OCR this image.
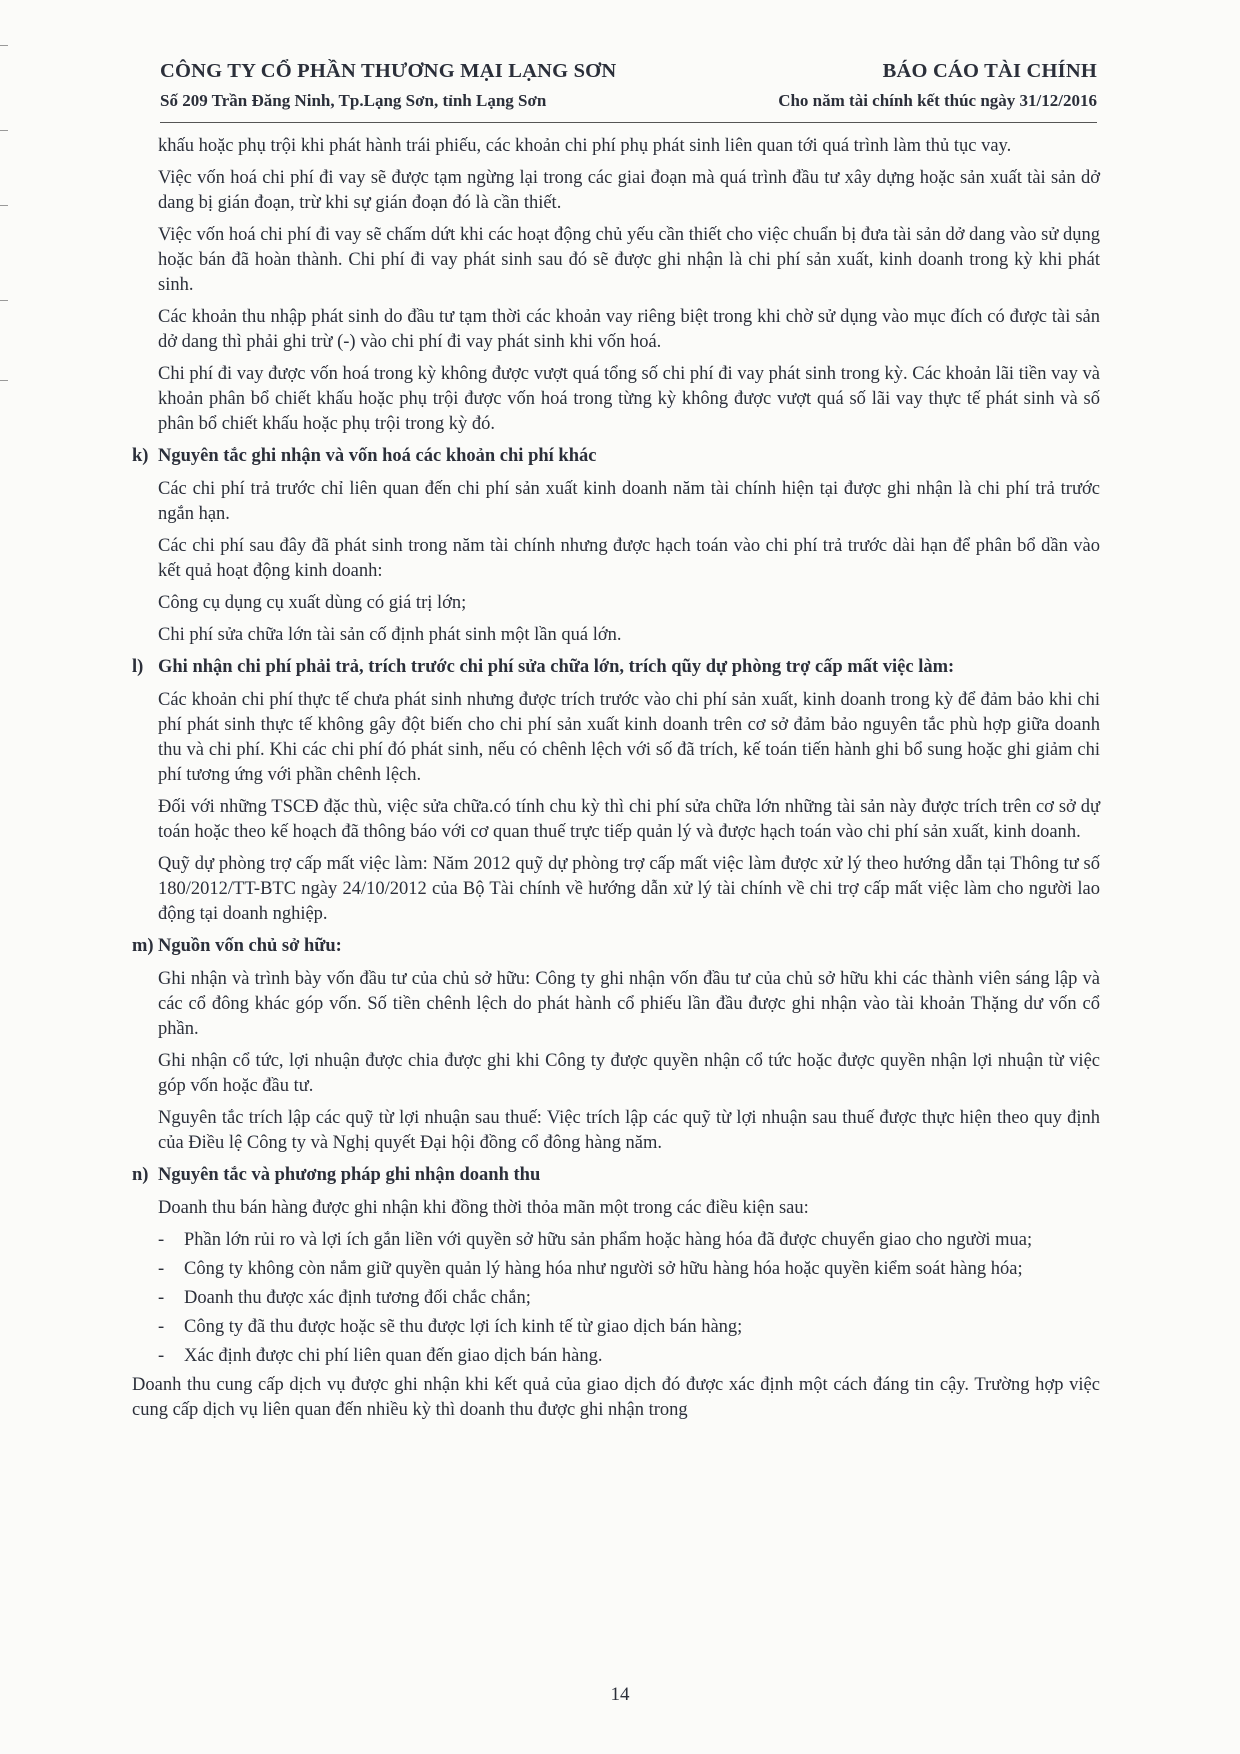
CÔNG TY CỔ PHẦN THƯƠNG MẠI LẠNG SƠN	BÁO CÁO TÀI CHÍNH
Số 209 Trần Đăng Ninh, Tp.Lạng Sơn, tỉnh Lạng Sơn	Cho năm tài chính kết thúc ngày 31/12/2016

khấu hoặc phụ trội khi phát hành trái phiếu, các khoản chi phí phụ phát sinh liên quan tới quá trình làm thủ tục vay.

Việc vốn hoá chi phí đi vay sẽ được tạm ngừng lại trong các giai đoạn mà quá trình đầu tư xây dựng hoặc sản xuất tài sản dở dang bị gián đoạn, trừ khi sự gián đoạn đó là cần thiết.

Việc vốn hoá chi phí đi vay sẽ chấm dứt khi các hoạt động chủ yếu cần thiết cho việc chuẩn bị đưa tài sản dở dang vào sử dụng hoặc bán đã hoàn thành. Chi phí đi vay phát sinh sau đó sẽ được ghi nhận là chi phí sản xuất, kinh doanh trong kỳ khi phát sinh.

Các khoản thu nhập phát sinh do đầu tư tạm thời các khoản vay riêng biệt trong khi chờ sử dụng vào mục đích có được tài sản dở dang thì phải ghi trừ (-) vào chi phí đi vay phát sinh khi vốn hoá.

Chi phí đi vay được vốn hoá trong kỳ không được vượt quá tổng số chi phí đi vay phát sinh trong kỳ. Các khoản lãi tiền vay và khoản phân bổ chiết khấu hoặc phụ trội được vốn hoá trong từng kỳ không được vượt quá số lãi vay thực tế phát sinh và số phân bổ chiết khấu hoặc phụ trội trong kỳ đó.

k) Nguyên tắc ghi nhận và vốn hoá các khoản chi phí khác

Các chi phí trả trước chỉ liên quan đến chi phí sản xuất kinh doanh năm tài chính hiện tại được ghi nhận là chi phí trả trước ngắn hạn.

Các chi phí sau đây đã phát sinh trong năm tài chính nhưng được hạch toán vào chi phí trả trước dài hạn để phân bổ dần vào kết quả hoạt động kinh doanh:

Công cụ dụng cụ xuất dùng có giá trị lớn;

Chi phí sửa chữa lớn tài sản cố định phát sinh một lần quá lớn.

l) Ghi nhận chi phí phải trả, trích trước chi phí sửa chữa lớn, trích qũy dự phòng trợ cấp mất việc làm:

Các khoản chi phí thực tế chưa phát sinh nhưng được trích trước vào chi phí sản xuất, kinh doanh trong kỳ để đảm bảo khi chi phí phát sinh thực tế không gây đột biến cho chi phí sản xuất kinh doanh trên cơ sở đảm bảo nguyên tắc phù hợp giữa doanh thu và chi phí. Khi các chi phí đó phát sinh, nếu có chênh lệch với số đã trích, kế toán tiến hành ghi bổ sung hoặc ghi giảm chi phí tương ứng với phần chênh lệch.

Đối với những TSCĐ đặc thù, việc sửa chữa.có tính chu kỳ thì chi phí sửa chữa lớn những tài sản này được trích trên cơ sở dự toán hoặc theo kế hoạch đã thông báo với cơ quan thuế trực tiếp quản lý và được hạch toán vào chi phí sản xuất, kinh doanh.

Quỹ dự phòng trợ cấp mất việc làm: Năm 2012 quỹ dự phòng trợ cấp mất việc làm được xử lý theo hướng dẫn tại Thông tư số 180/2012/TT-BTC ngày 24/10/2012 của Bộ Tài chính về hướng dẫn xử lý tài chính về chi trợ cấp mất việc làm cho người lao động tại doanh nghiệp.

m) Nguồn vốn chủ sở hữu:

Ghi nhận và trình bày vốn đầu tư của chủ sở hữu: Công ty ghi nhận vốn đầu tư của chủ sở hữu khi các thành viên sáng lập và các cổ đông khác góp vốn. Số tiền chênh lệch do phát hành cổ phiếu lần đầu được ghi nhận vào tài khoản Thặng dư vốn cổ phần.

Ghi nhận cổ tức, lợi nhuận được chia được ghi khi Công ty được quyền nhận cổ tức hoặc được quyền nhận lợi nhuận từ việc góp vốn hoặc đầu tư.

Nguyên tắc trích lập các quỹ từ lợi nhuận sau thuế: Việc trích lập các quỹ từ lợi nhuận sau thuế được thực hiện theo quy định của Điều lệ Công ty và Nghị quyết Đại hội đồng cổ đông hàng năm.

n) Nguyên tắc và phương pháp ghi nhận doanh thu

Doanh thu bán hàng được ghi nhận khi đồng thời thỏa mãn một trong các điều kiện sau:

-	Phần lớn rủi ro và lợi ích gắn liền với quyền sở hữu sản phẩm hoặc hàng hóa đã được chuyển giao cho người mua;
-	Công ty không còn nắm giữ quyền quản lý hàng hóa như người sở hữu hàng hóa hoặc quyền kiểm soát hàng hóa;
-	Doanh thu được xác định tương đối chắc chắn;
-	Công ty đã thu được hoặc sẽ thu được lợi ích kinh tế từ giao dịch bán hàng;
-	Xác định được chi phí liên quan đến giao dịch bán hàng.

Doanh thu cung cấp dịch vụ được ghi nhận khi kết quả của giao dịch đó được xác định một cách đáng tin cậy. Trường hợp việc cung cấp dịch vụ liên quan đến nhiều kỳ thì doanh thu được ghi nhận trong

14
